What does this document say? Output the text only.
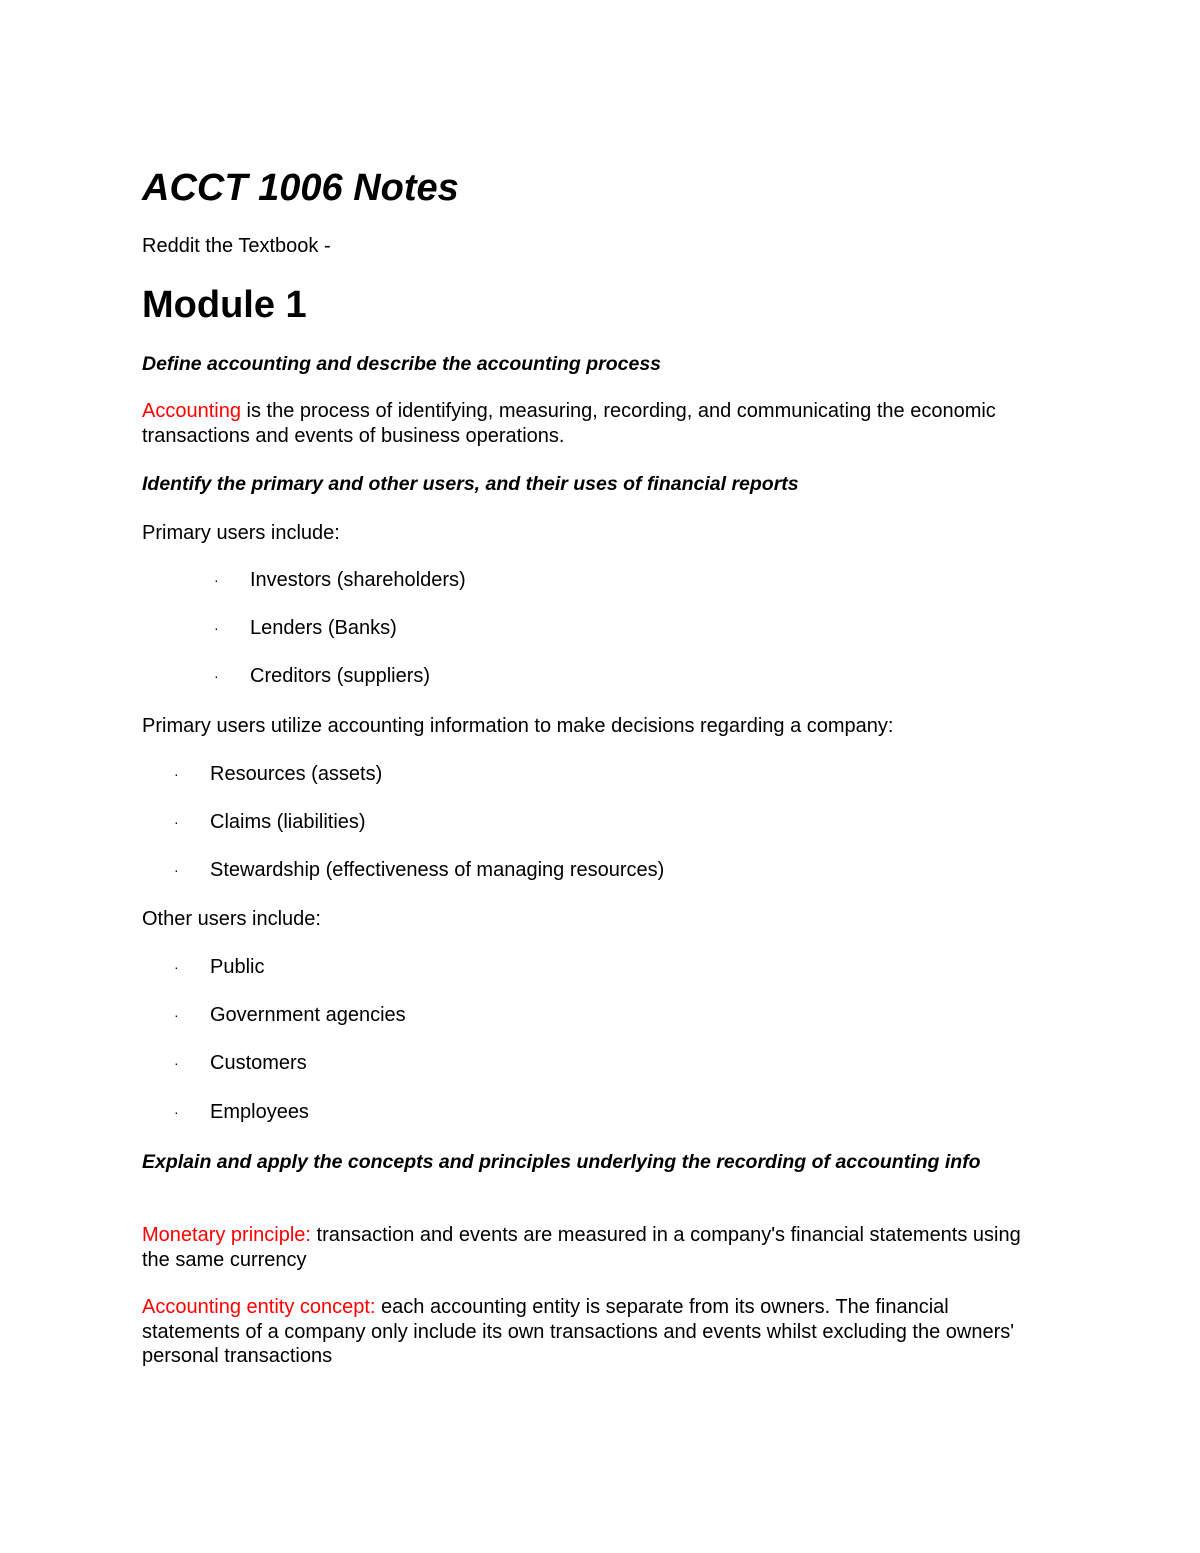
ACCT 1006 Notes

Reddit the Textbook -

Module 1

Define accounting and describe the accounting process

Accounting is the process of identifying, measuring, recording, and communicating the economic transactions and events of business operations.

Identify the primary and other users, and their uses of financial reports

Primary users include:

· Investors (shareholders)
· Lenders (Banks)
· Creditors (suppliers)

Primary users utilize accounting information to make decisions regarding a company:

· Resources (assets)
· Claims (liabilities)
· Stewardship (effectiveness of managing resources)

Other users include:

· Public
· Government agencies
· Customers
· Employees

Explain and apply the concepts and principles underlying the recording of accounting info

Monetary principle: transaction and events are measured in a company's financial statements using the same currency

Accounting entity concept: each accounting entity is separate from its owners. The financial statements of a company only include its own transactions and events whilst excluding the owners' personal transactions
